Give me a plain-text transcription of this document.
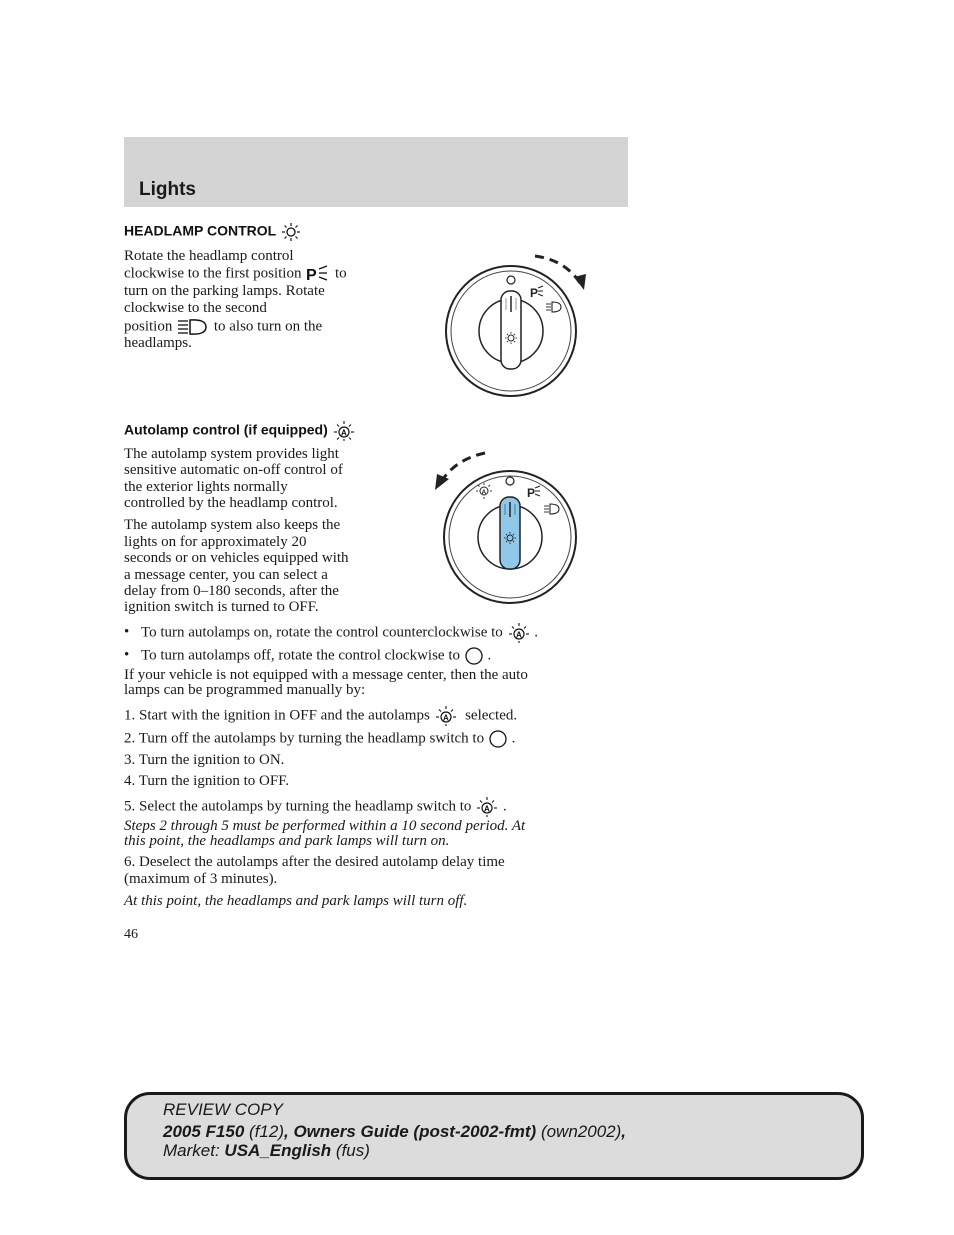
Lights
HEADLAMP CONTROL
Rotate the headlamp control
clockwise to the first position P to
turn on the parking lamps. Rotate
clockwise to the second
position	to also turn on the
headlamps.
P
Autolamp control (if equipped) A
The autolamp system provides light
sensitive automatic on-off control of
the exterior lights normally
controlled by the headlamp control.
The autolamp system also keeps the
lights on for approximately 20
seconds or on vehicles equipped with
a message center, you can select a
delay from 0–180 seconds, after the
ignition switch is turned to OFF.
A	P
• To turn autolamps on, rotate the control counterclockwise to A .
• To turn autolamps off, rotate the control clockwise to .
If your vehicle is not equipped with a message center, then the auto
lamps can be programmed manually by:
1. Start with the ignition in OFF and the autolamps A selected.
2. Turn off the autolamps by turning the headlamp switch to .
3. Turn the ignition to ON.
4. Turn the ignition to OFF.
5. Select the autolamps by turning the headlamp switch to A .
Steps 2 through 5 must be performed within a 10 second period. At
this point, the headlamps and park lamps will turn on.
6. Deselect the autolamps after the desired autolamp delay time
(maximum of 3 minutes).
At this point, the headlamps and park lamps will turn off.
46
REVIEW COPY
2005 F150 (f12), Owners Guide (post-2002-fmt) (own2002),
Market: USA_English (fus)
